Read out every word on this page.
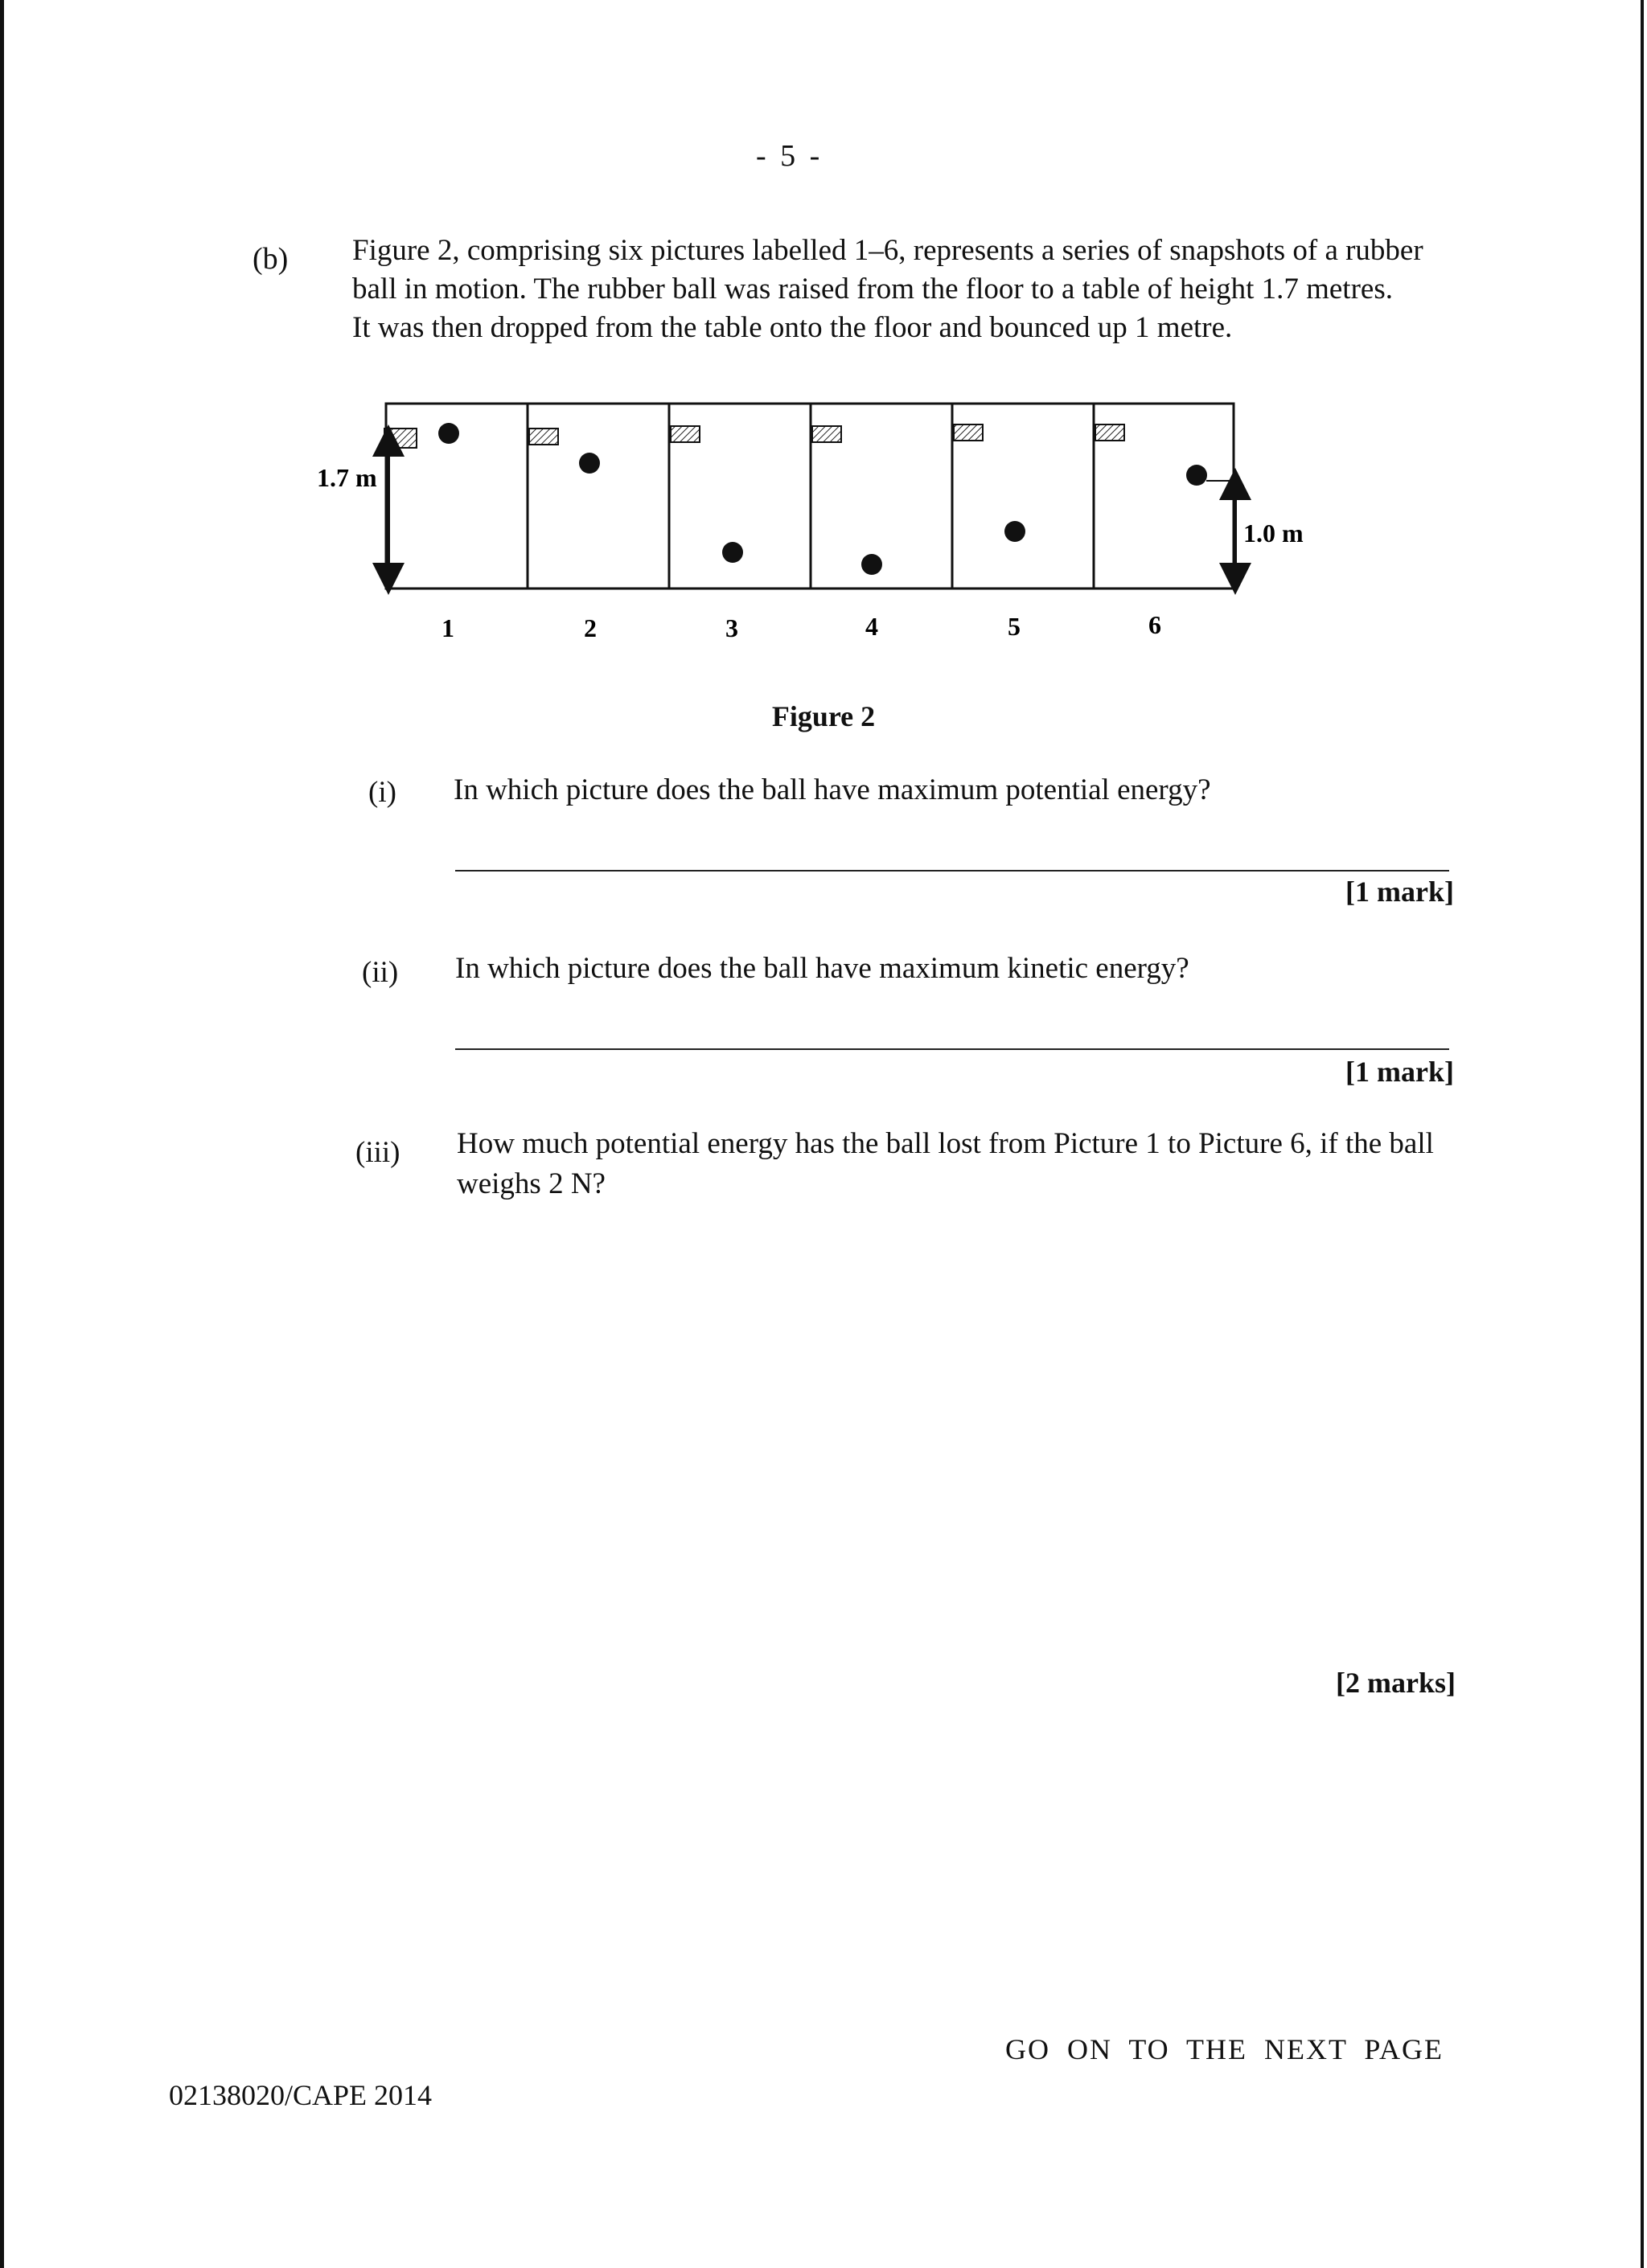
- 5 -
(b) Figure 2, comprising six pictures labelled 1–6, represents a series of snapshots of a rubber
ball in motion. The rubber ball was raised from the floor to a table of height 1.7 metres.
It was then dropped from the table onto the floor and bounced up 1 metre.
1.7 m
1.0 m
1	2	3	4	5	6
Figure 2
(i) In which picture does the ball have maximum potential energy?
[1 mark]
(ii) In which picture does the ball have maximum kinetic energy?
[1 mark]
(iii) How much potential energy has the ball lost from Picture 1 to Picture 6, if the ball
weighs 2 N?
[2 marks]
GO ON TO THE NEXT PAGE
02138020/CAPE 2014
